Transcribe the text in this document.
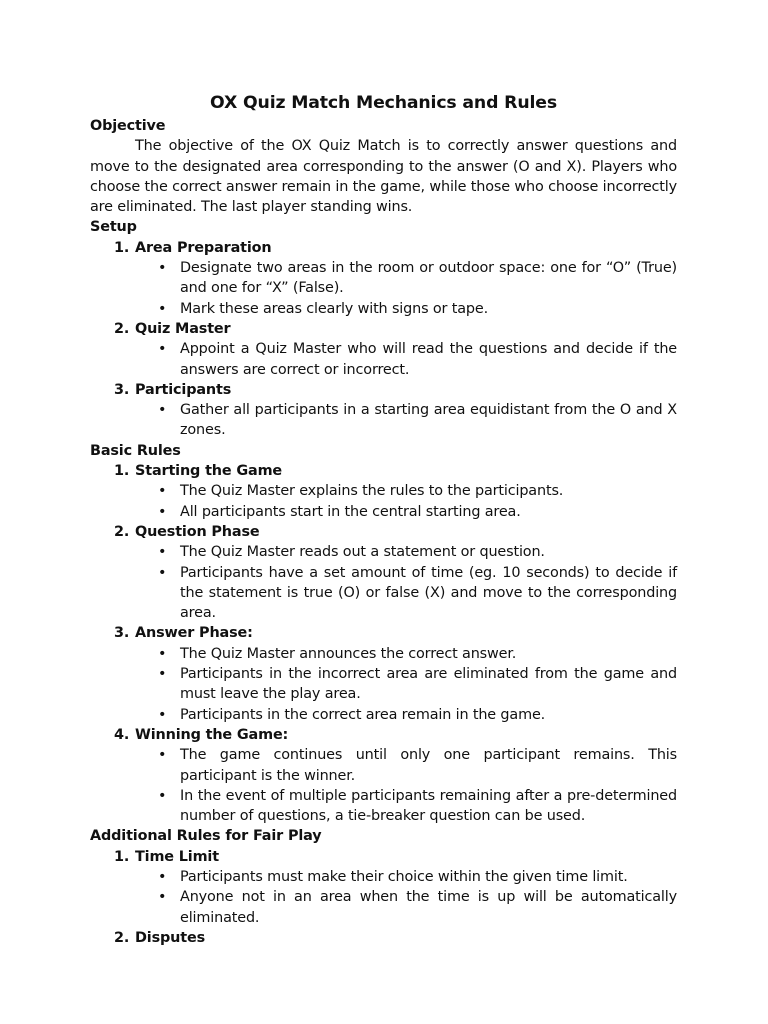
OX Quiz Match Mechanics and Rules
Objective

The objective of the OX Quiz Match is to correctly answer questions and move to the designated area corresponding to the answer (O and X). Players who choose the correct answer remain in the game, while those who choose incorrectly are eliminated. The last player standing wins.

Setup
1. Area Preparation
• Designate two areas in the room or outdoor space: one for “O” (True) and one for “X” (False).
• Mark these areas clearly with signs or tape.
2. Quiz Master
• Appoint a Quiz Master who will read the questions and decide if the answers are correct or incorrect.
3. Participants
• Gather all participants in a starting area equidistant from the O and X zones.
Basic Rules
1. Starting the Game
• The Quiz Master explains the rules to the participants.
• All participants start in the central starting area.
2. Question Phase
• The Quiz Master reads out a statement or question.
• Participants have a set amount of time (eg. 10 seconds) to decide if the statement is true (O) or false (X) and move to the corresponding area.
3. Answer Phase:
• The Quiz Master announces the correct answer.
• Participants in the incorrect area are eliminated from the game and must leave the play area.
• Participants in the correct area remain in the game.
4. Winning the Game:
• The game continues until only one participant remains. This participant is the winner.
• In the event of multiple participants remaining after a pre-determined number of questions, a tie-breaker question can be used.
Additional Rules for Fair Play
1. Time Limit
• Participants must make their choice within the given time limit.
• Anyone not in an area when the time is up will be automatically eliminated.
2. Disputes
